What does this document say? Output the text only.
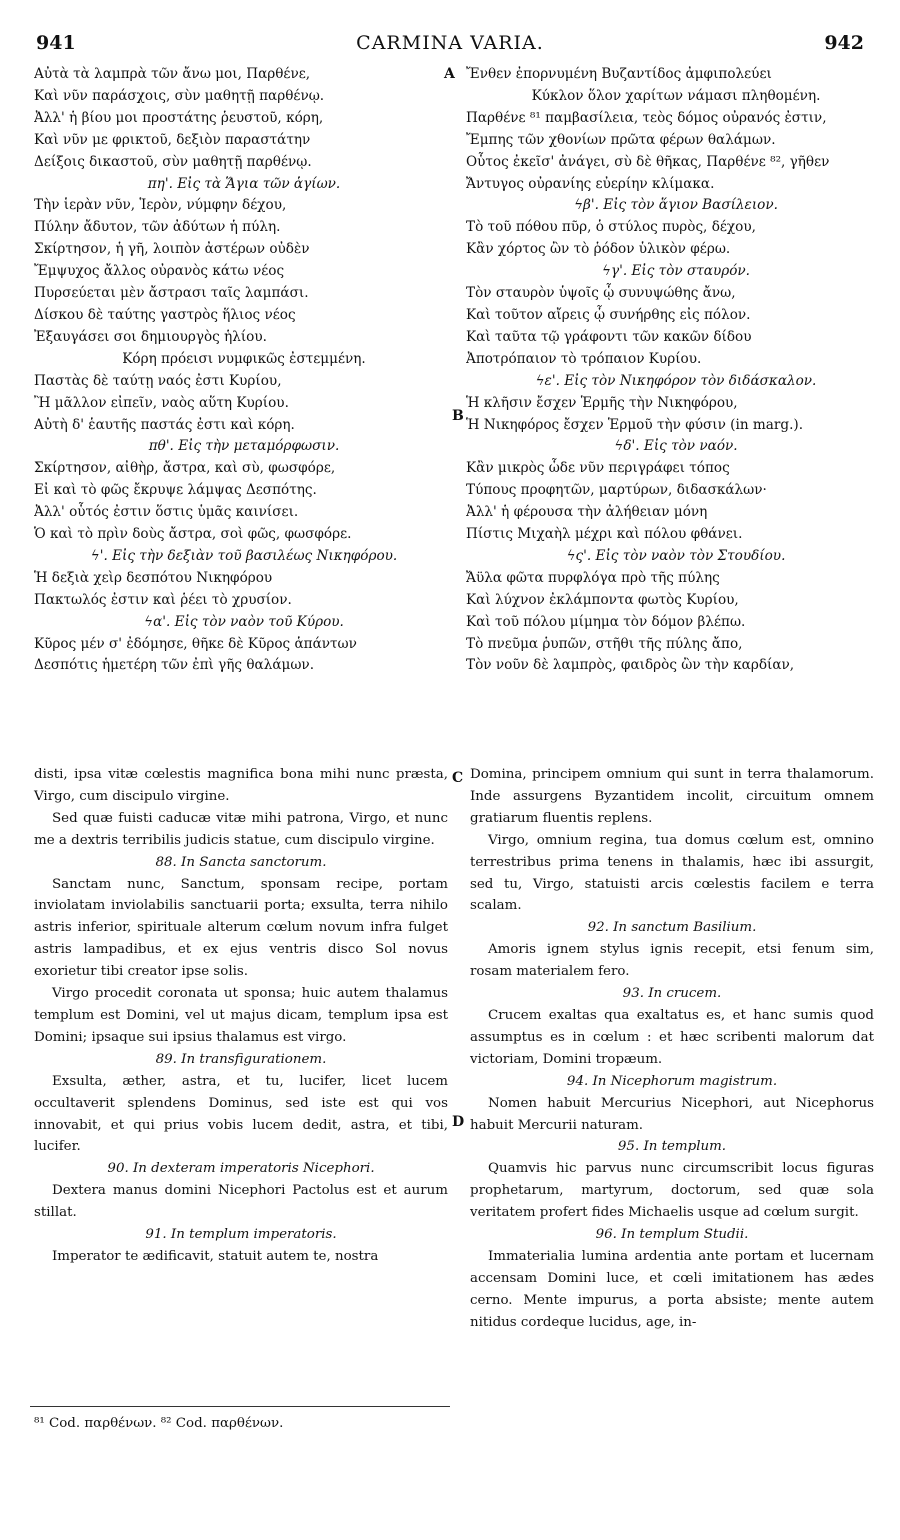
941	CARMINA VARIA.	942
Αὐτὰ τὰ λαμπρὰ τῶν ἄνω μοι, Παρθένε,
Καὶ νῦν παράσχοις, σὺν μαθητῇ παρθένῳ.
Ἀλλ' ἡ βίου μοι προστάτης ῥευστοῦ, κόρη,
Καὶ νῦν με φρικτοῦ, δεξιὸν παραστάτην
Δείξοις δικαστοῦ, σὺν μαθητῇ παρθένῳ.
πη'. Εἰς τὰ Ἅγια τῶν ἁγίων.
Τὴν ἱερὰν νῦν, Ἱερὸν, νύμφην δέχου,
Πύλην ἄδυτον, τῶν ἀδύτων ἡ πύλη.
Σκίρτησον, ἡ γῆ, λοιπὸν ἀστέρων οὐδὲν
Ἔμψυχος ἄλλος οὐρανὸς κάτω νέος
Πυρσεύεται μὲν ἄστρασι ταῖς λαμπάσι.
Δίσκου δὲ ταύτης γαστρὸς ἥλιος νέος
Ἐξαυγάσει σοι δημιουργὸς ἡλίου.
Κόρη πρόεισι νυμφικῶς ἐστεμμένη.
Παστὰς δὲ ταύτῃ ναός ἐστι Κυρίου,
Ἢ μᾶλλον εἰπεῖν, ναὸς αὕτη Κυρίου.
Αὐτὴ δ' ἑαυτῆς παστάς ἐστι καὶ κόρη.
πθ'. Εἰς τὴν μεταμόρφωσιν.
Σκίρτησον, αἰθὴρ, ἄστρα, καὶ σὺ, φωσφόρε,
Εἰ καὶ τὸ φῶς ἔκρυψε λάμψας Δεσπότης.
Ἀλλ' οὗτός ἐστιν ὅστις ὑμᾶς καινίσει.
Ὁ καὶ τὸ πρὶν δοὺς ἄστρα, σοὶ φῶς, φωσφόρε.
ϟ'. Εἰς τὴν δεξιὰν τοῦ βασιλέως Νικηφόρου.
Ἡ δεξιὰ χεὶρ δεσπότου Νικηφόρου
Πακτωλός ἐστιν καὶ ῥέει τὸ χρυσίον.
ϟα'. Εἰς τὸν ναὸν τοῦ Κύρου.
Κῦρος μέν σ' ἐδόμησε, θῆκε δὲ Κῦρος ἁπάντων
Δεσπότις ἡμετέρη τῶν ἐπὶ γῆς θαλάμων.
Ἔνθεν ἐπορνυμένη Βυζαντίδος ἀμφιπολεύει
Κύκλον ὅλον χαρίτων νάμασι πληθομένη.
Παρθένε ⁸¹ παμβασίλεια, τεὸς δόμος οὐρανός ἐστιν,
Ἔμπης τῶν χθονίων πρῶτα φέρων θαλάμων.
Οὗτος ἐκεῖσ' ἀνάγει, σὺ δὲ θῆκας, Παρθένε ⁸², γῆθεν
Ἄντυγος οὐρανίης εὐερίην κλίμακα.
ϟβ'. Εἰς τὸν ἅγιον Βασίλειον.
Τὸ τοῦ πόθου πῦρ, ὁ στύλος πυρὸς, δέχου,
Κἂν χόρτος ὢν τὸ ῥόδον ὑλικὸν φέρω.
ϟγ'. Εἰς τὸν σταυρόν.
Τὸν σταυρὸν ὑψοῖς ᾧ συνυψώθης ἄνω,
Καὶ τοῦτον αἴρεις ᾧ συνήρθης εἰς πόλον.
Καὶ ταῦτα τῷ γράφοντι τῶν κακῶν δίδου
Ἀποτρόπαιον τὸ τρόπαιον Κυρίου.
ϟε'. Εἰς τὸν Νικηφόρον τὸν διδάσκαλον.
Ἡ κλῆσιν ἔσχεν Ἑρμῆς τὴν Νικηφόρου,
Ἡ Νικηφόρος ἔσχεν Ἑρμοῦ τὴν φύσιν (in marg.).
ϟδ'. Εἰς τὸν ναόν.
Κἂν μικρὸς ὧδε νῦν περιγράφει τόπος
Τύπους προφητῶν, μαρτύρων, διδασκάλων·
Ἀλλ' ἡ φέρουσα τὴν ἀλήθειαν μόνη
Πίστις Μιχαὴλ μέχρι καὶ πόλου φθάνει.
ϟς'. Εἰς τὸν ναὸν τὸν Στουδίου.
Ἄϋλα φῶτα πυρφλόγα πρὸ τῆς πύλης
Καὶ λύχνον ἐκλάμποντα φωτὸς Κυρίου,
Καὶ τοῦ πόλου μίμημα τὸν δόμον βλέπω.
Τὸ πνεῦμα ῥυπῶν, στῆθι τῆς πύλης ἄπο,
Τὸν νοῦν δὲ λαμπρὸς, φαιδρὸς ὢν τὴν καρδίαν,
A
B
C
D
disti, ipsa vitæ cœlestis magnifica bona mihi nunc præsta, Virgo, cum discipulo virgine.
Sed quæ fuisti caducæ vitæ mihi patrona, Virgo, et nunc me a dextris terribilis judicis statue, cum discipulo virgine.
88. In Sancta sanctorum.
Sanctam nunc, Sanctum, sponsam recipe, portam inviolatam inviolabilis sanctuarii porta; exsulta, terra nihilo astris inferior, spirituale alterum cœlum novum infra fulget astris lampadibus, et ex ejus ventris disco Sol novus exorietur tibi creator ipse solis.
Virgo procedit coronata ut sponsa; huic autem thalamus templum est Domini, vel ut majus dicam, templum ipsa est Domini; ipsaque sui ipsius thalamus est virgo.
89. In transfigurationem.
Exsulta, æther, astra, et tu, lucifer, licet lucem occultaverit splendens Dominus, sed iste est qui vos innovabit, et qui prius vobis lucem dedit, astra, et tibi, lucifer.
90. In dexteram imperatoris Nicephori.
Dextera manus domini Nicephori Pactolus est et aurum stillat.
91. In templum imperatoris.
Imperator te ædificavit, statuit autem te, nostra
Domina, principem omnium qui sunt in terra thalamorum. Inde assurgens Byzantidem incolit, circuitum omnem gratiarum fluentis replens.
Virgo, omnium regina, tua domus cœlum est, omnino terrestribus prima tenens in thalamis, hæc ibi assurgit, sed tu, Virgo, statuisti arcis cœlestis facilem e terra scalam.
92. In sanctum Basilium.
Amoris ignem stylus ignis recepit, etsi fenum sim, rosam materialem fero.
93. In crucem.
Crucem exaltas qua exaltatus es, et hanc sumis quod assumptus es in cœlum : et hæc scribenti malorum dat victoriam, Domini tropæum.
94. In Nicephorum magistrum.
Nomen habuit Mercurius Nicephori, aut Nicephorus habuit Mercurii naturam.
95. In templum.
Quamvis hic parvus nunc circumscribit locus figuras prophetarum, martyrum, doctorum, sed quæ sola veritatem profert fides Michaelis usque ad cœlum surgit.
96. In templum Studii.
Immaterialia lumina ardentia ante portam et lucernam accensam Domini luce, et cœli imitationem has ædes cerno. Mente impurus, a porta absiste; mente autem nitidus cordeque lucidus, age, in-
⁸¹ Cod. παρθένων. ⁸² Cod. παρθένων.
